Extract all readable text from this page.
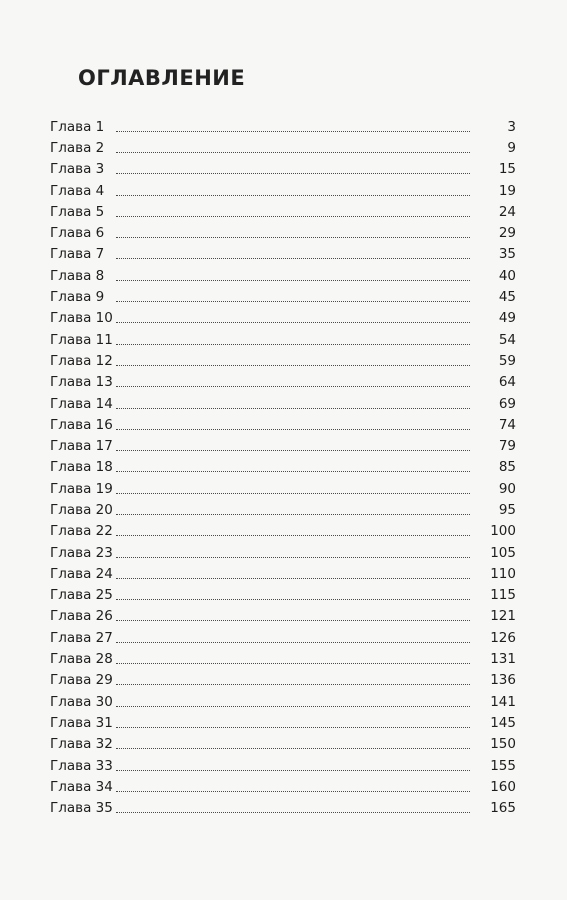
ОГЛАВЛЕНИЕ
Глава 1	3
Глава 2	9
Глава 3	15
Глава 4	19
Глава 5	24
Глава 6	29
Глава 7	35
Глава 8	40
Глава 9	45
Глава 10	49
Глава 11	54
Глава 12	59
Глава 13	64
Глава 14	69
Глава 16	74
Глава 17	79
Глава 18	85
Глава 19	90
Глава 20	95
Глава 22	100
Глава 23	105
Глава 24	110
Глава 25	115
Глава 26	121
Глава 27	126
Глава 28	131
Глава 29	136
Глава 30	141
Глава 31	145
Глава 32	150
Глава 33	155
Глава 34	160
Глава 35	165
